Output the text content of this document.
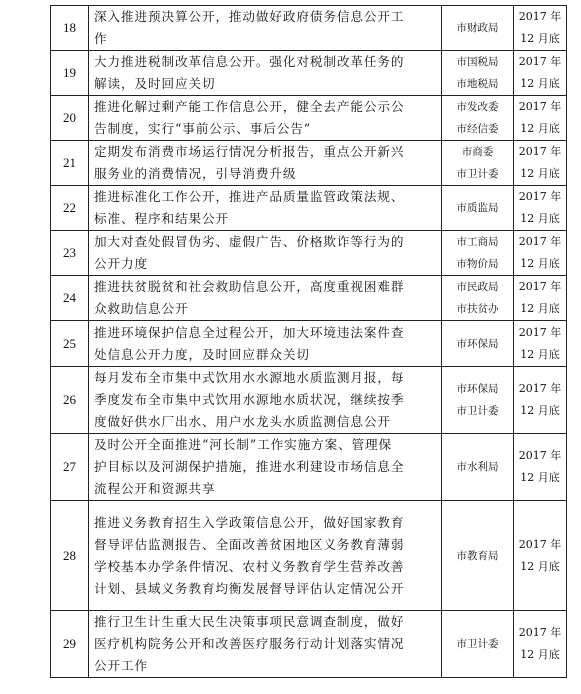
18	深入推进预决算公开，推动做好政府债务信息公开工
作	市财政局	2017 年
12 月底

19	大力推进税制改革信息公开。强化对税制改革任务的
解读，及时回应关切	市国税局
市地税局	2017 年
12 月底

20	推进化解过剩产能工作信息公开，健全去产能公示公
告制度，实行“事前公示、事后公告”	市发改委
市经信委	2017 年
12 月底

21	定期发布消费市场运行情况分析报告，重点公开新兴
服务业的消费情况，引导消费升级	市商委
市卫计委	2017 年
12 月底

22	推进标准化工作公开，推进产品质量监管政策法规、
标准、程序和结果公开	市质监局	2017 年
12 月底

23	加大对查处假冒伪劣、虚假广告、价格欺诈等行为的
公开力度	市工商局
市物价局	2017 年
12 月底

24	推进扶贫脱贫和社会救助信息公开，高度重视困难群
众救助信息公开	市民政局
市扶贫办	2017 年
12 月底

25	推进环境保护信息全过程公开，加大环境违法案件查
处信息公开力度，及时回应群众关切	市环保局	2017 年
12 月底

26	每月发布全市集中式饮用水水源地水质监测月报，每
季度发布全市集中式饮用水源地水质状况，继续按季
度做好供水厂出水、用户水龙头水质监测信息公开	市环保局
市卫计委	2017 年
12 月底

27	及时公开全面推进“河长制”工作实施方案、管理保
护目标以及河湖保护措施，推进水利建设市场信息全
流程公开和资源共享	市水利局	2017 年
12 月底

28	推进义务教育招生入学政策信息公开，做好国家教育
督导评估监测报告、全面改善贫困地区义务教育薄弱
学校基本办学条件情况、农村义务教育学生营养改善
计划、县域义务教育均衡发展督导评估认定情况公开	市教育局	2017 年
12 月底

29	推行卫生计生重大民生决策事项民意调查制度，做好
医疗机构院务公开和改善医疗服务行动计划落实情况
公开工作	市卫计委	2017 年
12 月底
